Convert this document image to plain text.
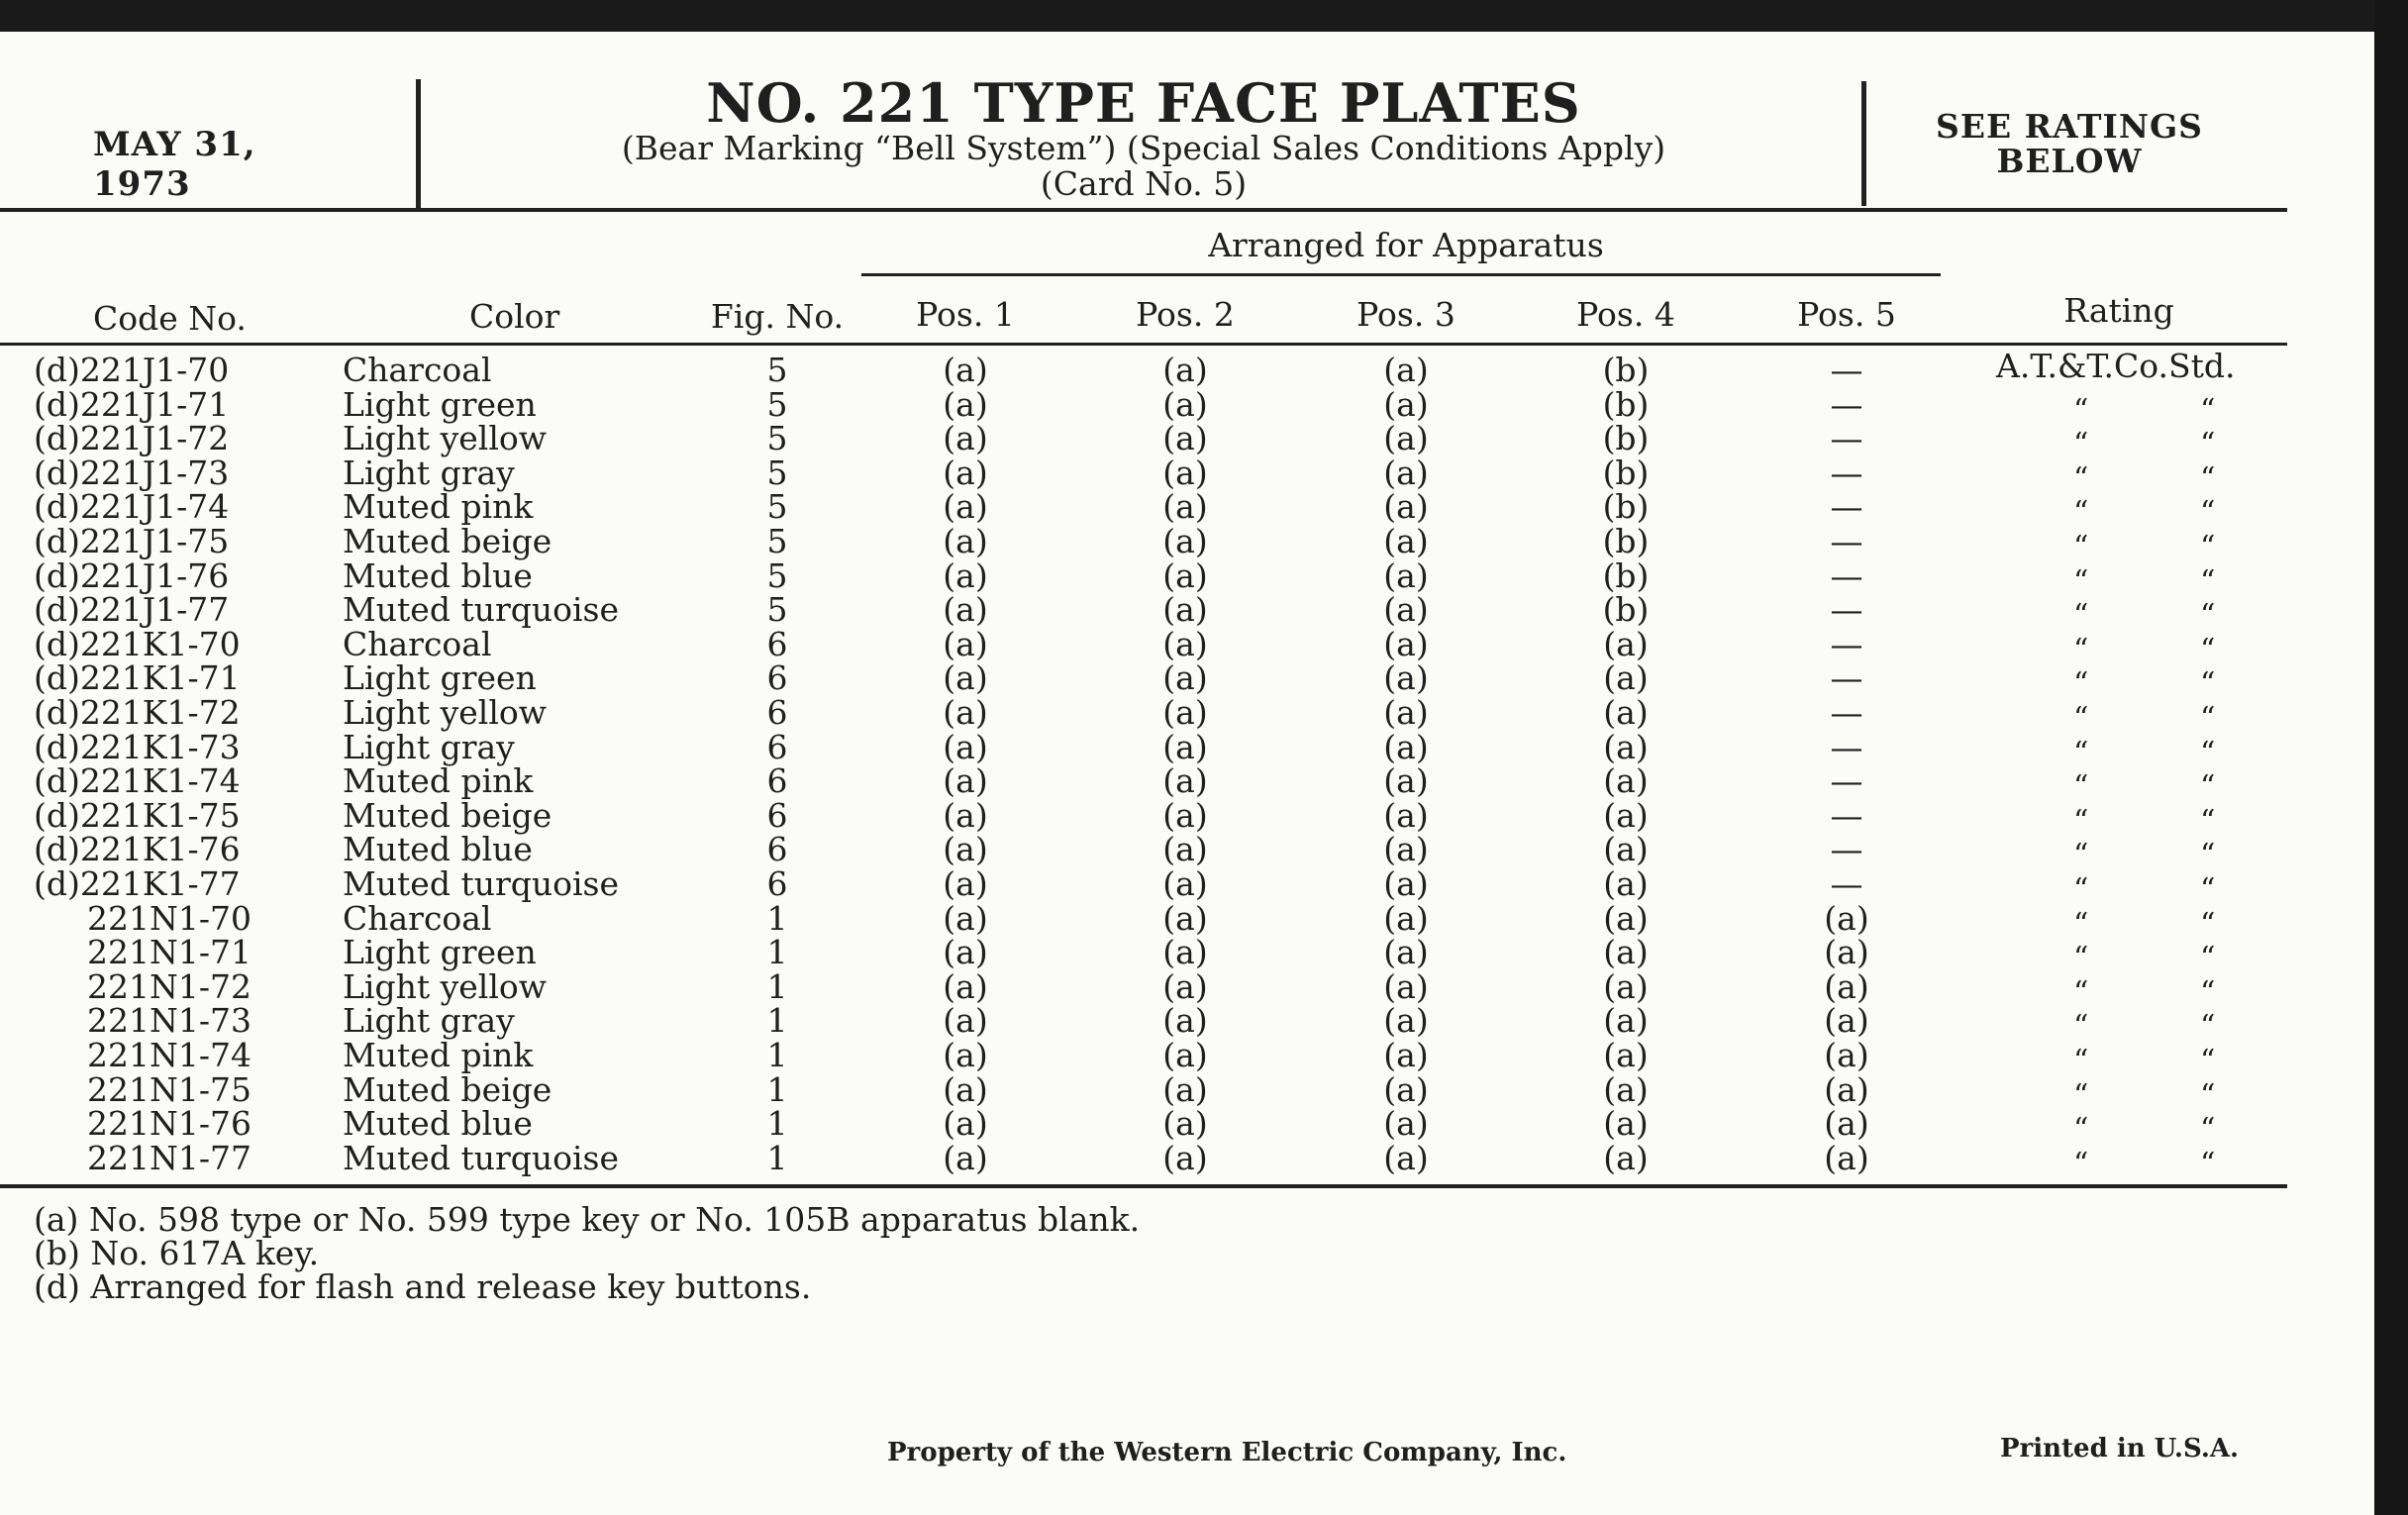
MAY 31, 1973
NO. 221 TYPE FACE PLATES
(Bear Marking “Bell System”) (Special Sales Conditions Apply)
(Card No. 5)
SEE RATINGS
BELOW
Arranged for Apparatus
Code No.	Color	Fig. No.	Pos. 1	Pos. 2	Pos. 3	Pos. 4	Pos. 5	Rating
(d)221J1-70	Charcoal	5	(a)	(a)	(a)	(b)	—	A.T.&T.Co.Std.
(d)221J1-71	Light green	5	(a)	(a)	(a)	(b)	—	“	“
(d)221J1-72	Light yellow	5	(a)	(a)	(a)	(b)	—	“	“
(d)221J1-73	Light gray	5	(a)	(a)	(a)	(b)	—	“	“
(d)221J1-74	Muted pink	5	(a)	(a)	(a)	(b)	—	“	“
(d)221J1-75	Muted beige	5	(a)	(a)	(a)	(b)	—	“	“
(d)221J1-76	Muted blue	5	(a)	(a)	(a)	(b)	—	“	“
(d)221J1-77	Muted turquoise	5	(a)	(a)	(a)	(b)	—	“	“
(d)221K1-70	Charcoal	6	(a)	(a)	(a)	(a)	—	“	“
(d)221K1-71	Light green	6	(a)	(a)	(a)	(a)	—	“	“
(d)221K1-72	Light yellow	6	(a)	(a)	(a)	(a)	—	“	“
(d)221K1-73	Light gray	6	(a)	(a)	(a)	(a)	—	“	“
(d)221K1-74	Muted pink	6	(a)	(a)	(a)	(a)	—	“	“
(d)221K1-75	Muted beige	6	(a)	(a)	(a)	(a)	—	“	“
(d)221K1-76	Muted blue	6	(a)	(a)	(a)	(a)	—	“	“
(d)221K1-77	Muted turquoise	6	(a)	(a)	(a)	(a)	—	“	“
221N1-70	Charcoal	1	(a)	(a)	(a)	(a)	(a)	“	“
221N1-71	Light green	1	(a)	(a)	(a)	(a)	(a)	“	“
221N1-72	Light yellow	1	(a)	(a)	(a)	(a)	(a)	“	“
221N1-73	Light gray	1	(a)	(a)	(a)	(a)	(a)	“	“
221N1-74	Muted pink	1	(a)	(a)	(a)	(a)	(a)	“	“
221N1-75	Muted beige	1	(a)	(a)	(a)	(a)	(a)	“	“
221N1-76	Muted blue	1	(a)	(a)	(a)	(a)	(a)	“	“
221N1-77	Muted turquoise	1	(a)	(a)	(a)	(a)	(a)	“	“
(a) No. 598 type or No. 599 type key or No. 105B apparatus blank.
(b) No. 617A key.
(d) Arranged for flash and release key buttons.
Property of the Western Electric Company, Inc.	Printed in U.S.A.
